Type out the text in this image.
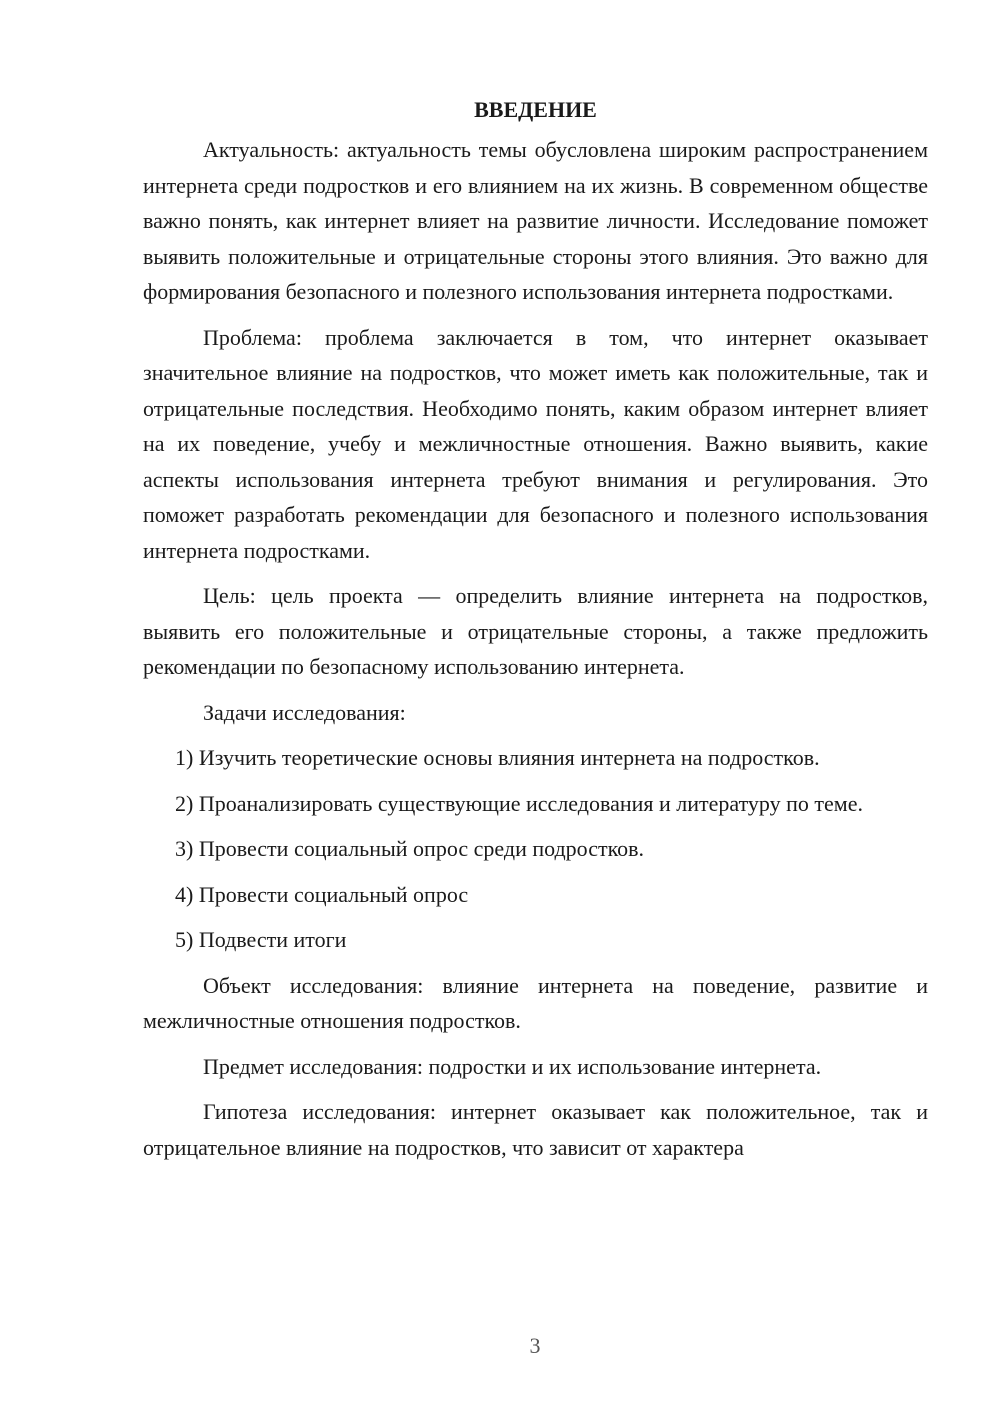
ВВЕДЕНИЕ

Актуальность: актуальность темы обусловлена широким распространением интернета среди подростков и его влиянием на их жизнь. В современном обществе важно понять, как интернет влияет на развитие личности. Исследование поможет выявить положительные и отрицательные стороны этого влияния. Это важно для формирования безопасного и полезного использования интернета подростками.

Проблема: проблема заключается в том, что интернет оказывает значительное влияние на подростков, что может иметь как положительные, так и отрицательные последствия. Необходимо понять, каким образом интернет влияет на их поведение, учебу и межличностные отношения. Важно выявить, какие аспекты использования интернета требуют внимания и регулирования. Это поможет разработать рекомендации для безопасного и полезного использования интернета подростками.

Цель: цель проекта — определить влияние интернета на подростков, выявить его положительные и отрицательные стороны, а также предложить рекомендации по безопасному использованию интернета.

Задачи исследования:

1) Изучить теоретические основы влияния интернета на подростков.

2) Проанализировать существующие исследования и литературу по теме.

3) Провести социальный опрос среди подростков.

4) Провести социальный опрос

5) Подвести итоги

Объект исследования: влияние интернета на поведение, развитие и межличностные отношения подростков.

Предмет исследования: подростки и их использование интернета.

Гипотеза исследования: интернет оказывает как положительное, так и отрицательное влияние на подростков, что зависит от характера

3
